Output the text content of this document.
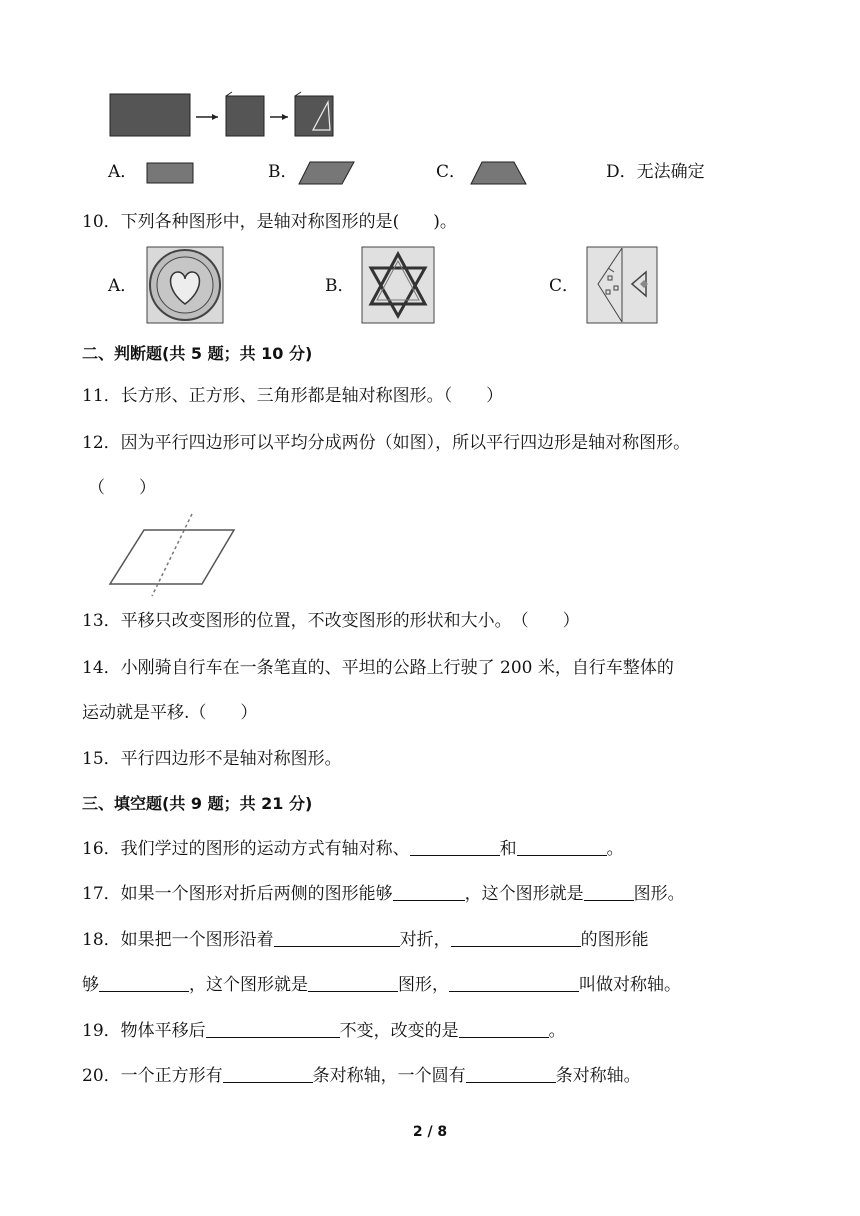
A．	B．	C．	D．无法确定
10．下列各种图形中，是轴对称图形的是(　　)。
A．	B．	C．
二、判断题(共 5 题；共 10 分)
11．长方形、正方形、三角形都是轴对称图形。（　　）
12．因为平行四边形可以平均分成两份（如图），所以平行四边形是轴对称图形。
（　　）
13．平移只改变图形的位置，不改变图形的形状和大小。　（　　）
14．小刚骑自行车在一条笔直的、平坦的公路上行驶了 200 米，自行车整体的
运动就是平移.（　　）
15．平行四边形不是轴对称图形。
三、填空题(共 9 题；共 21 分)
16．我们学过的图形的运动方式有轴对称、	和	。
17．如果一个图形对折后两侧的图形能够	，这个图形就是	图形。
18．如果把一个图形沿着	对折，	的图形能
够	，这个图形就是	图形，	叫做对称轴。
19．物体平移后	不变，改变的是	。
20．一个正方形有	条对称轴，一个圆有	条对称轴。
2 / 8
